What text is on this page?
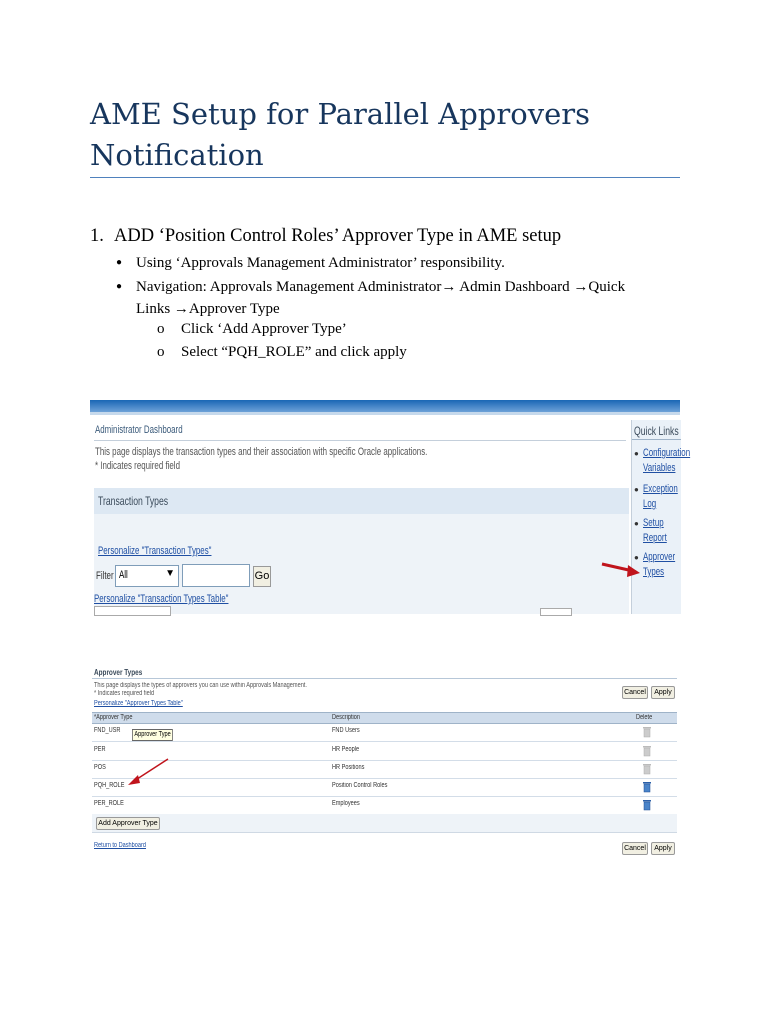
AME Setup for Parallel Approvers
Notification
1. ADD ‘Position Control Roles’ Approver Type in AME setup
● Using ‘Approvals Management Administrator’ responsibility.
● Navigation: Approvals Management Administrator→ Admin Dashboard →Quick
Links →Approver Type
o Click ‘Add Approver Type’
o Select “PQH_ROLE” and click apply
Administrator Dashboard
This page displays the transaction types and their association with specific Oracle applications.
* Indicates required field
Transaction Types
Personalize "Transaction Types"
Filter All	▼	Go
Personalize "Transaction Types Table"
Quick Links
● Configuration
Variables
● Exception
Log
● Setup
Report
● Approver
Types
Approver Types
This page displays the types of approvers you can use within Approvals Management.
* Indicates required field
Personalize "Approver Types Table"
Cancel	Apply
*Approver Type	Description	Delete
FND_USR	FND Users
PER	HR People
POS	HR Positions
PQH_ROLE	Position Control Roles
PER_ROLE	Employees
Approver Type
Add Approver Type
Return to Dashboard	Cancel	Apply
